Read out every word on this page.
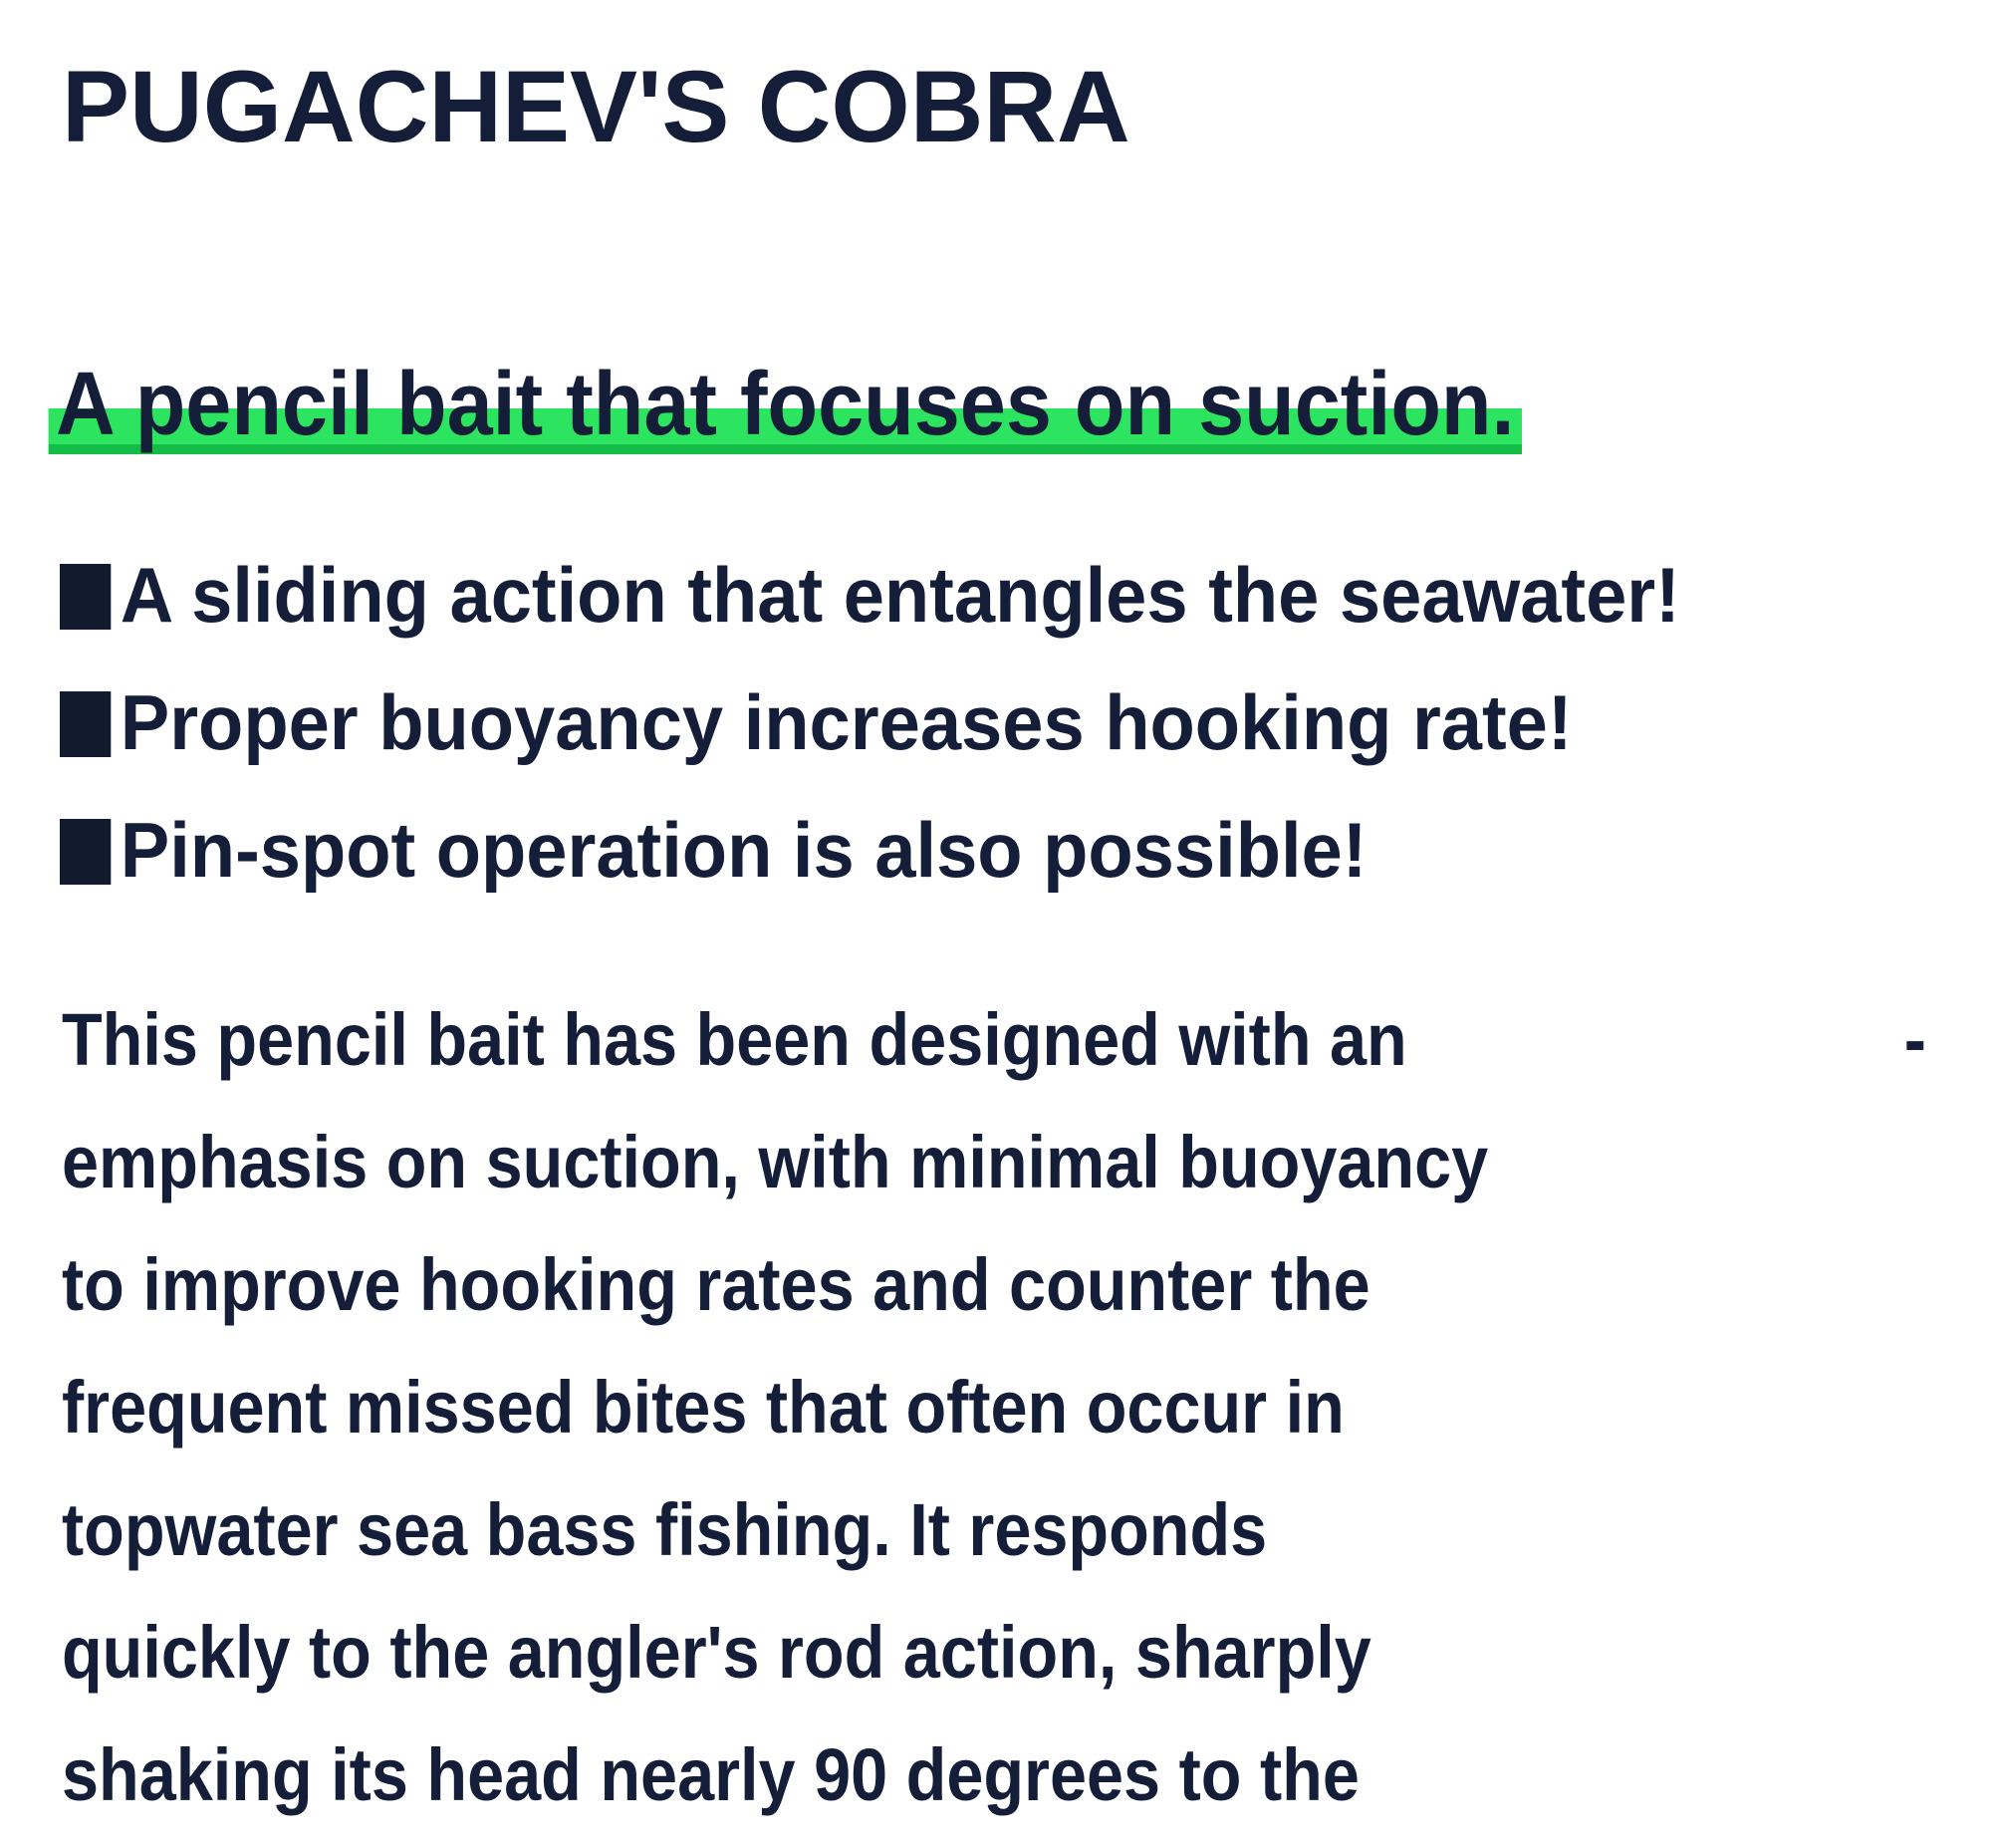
PUGACHEV'S COBRA
A pencil bait that focuses on suction.
A sliding action that entangles the seawater!
Proper buoyancy increases hooking rate!
Pin-spot operation is also possible!
This pencil bait has been designed with an	-
emphasis on suction, with minimal buoyancy
to improve hooking rates and counter the
frequent missed bites that often occur in
topwater sea bass fishing. It responds
quickly to the angler's rod action, sharply
shaking its head nearly 90 degrees to the
